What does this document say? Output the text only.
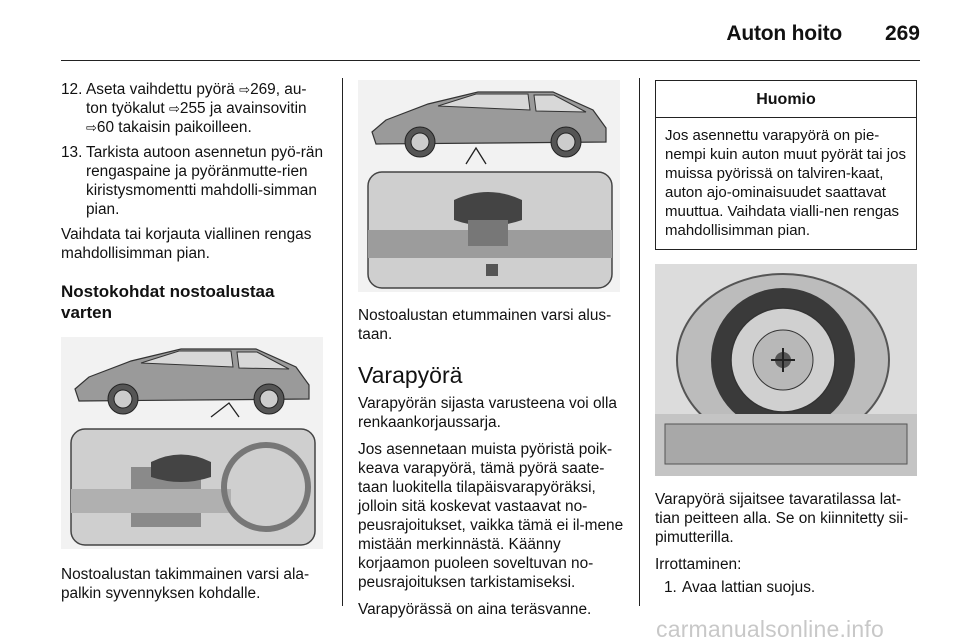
Auton hoito 269
12. Aseta vaihdettu pyörä ⇨269, au-ton työkalut ⇨255 ja avainsovitin ⇨60 takaisin paikoilleen.
13. Tarkista autoon asennetun pyö-rän rengaspaine ja pyöränmutte-rien kiristysmomentti mahdolli-simman pian.

Vaihdata tai korjauta viallinen rengas mahdollisimman pian.

Nostokohdat nostoalustaa varten

Nostoalustan takimmainen varsi ala-palkin syvennyksen kohdalle.

Nostoalustan etummainen varsi alus-taan.

Varapyörä

Varapyörän sijasta varusteena voi olla renkaankorjaussarja.

Jos asennetaan muista pyöristä poik-keava varapyörä, tämä pyörä saate-taan luokitella tilapäisvarapyöräksi, jolloin sitä koskevat vastaavat no-peusrajoitukset, vaikka tämä ei il-mene mistään merkinnästä. Käänny korjaamon puoleen soveltuvan no-peusrajoituksen tarkistamiseksi.

Varapyörässä on aina teräsvanne.

Huomio
Jos asennettu varapyörä on pie-nempi kuin auton muut pyörät tai jos muissa pyörissä on talviren-kaat, auton ajo-ominaisuudet saattavat muuttua. Vaihdata vialli-nen rengas mahdollisimman pian.

Varapyörä sijaitsee tavaratilassa lat-tian peitteen alla. Se on kiinnitetty sii-pimutterilla.

Irrottaminen:

1. Avaa lattian suojus.
carmanualsonline.info
